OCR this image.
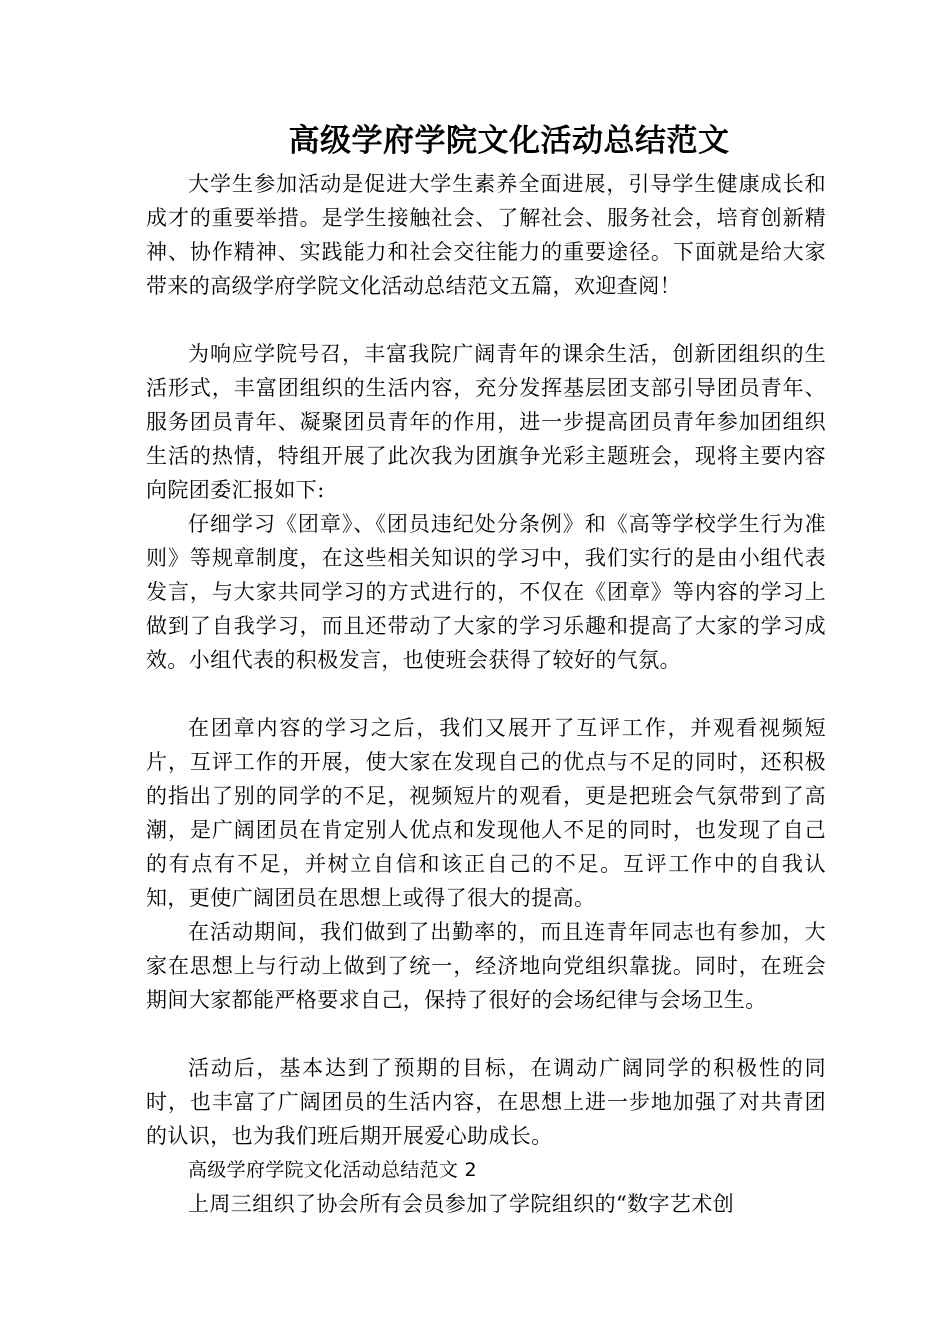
高级学府学院文化活动总结范文

大学生参加活动是促进大学生素养全面进展，引导学生健康成长和成才的重要举措。是学生接触社会、了解社会、服务社会，培育创新精神、协作精神、实践能力和社会交往能力的重要途径。下面就是给大家带来的高级学府学院文化活动总结范文五篇，欢迎查阅！

为响应学院号召，丰富我院广阔青年的课余生活，创新团组织的生活形式，丰富团组织的生活内容，充分发挥基层团支部引导团员青年、服务团员青年、凝聚团员青年的作用，进一步提高团员青年参加团组织生活的热情，特组开展了此次我为团旗争光彩主题班会，现将主要内容向院团委汇报如下:

仔细学习《团章》、《团员违纪处分条例》和《高等学校学生行为准则》等规章制度，在这些相关知识的学习中，我们实行的是由小组代表发言，与大家共同学习的方式进行的，不仅在《团章》等内容的学习上做到了自我学习，而且还带动了大家的学习乐趣和提高了大家的学习成效。小组代表的积极发言，也使班会获得了较好的气氛。

在团章内容的学习之后，我们又展开了互评工作，并观看视频短片，互评工作的开展，使大家在发现自己的优点与不足的同时，还积极的指出了别的同学的不足，视频短片的观看，更是把班会气氛带到了高潮，是广阔团员在肯定别人优点和发现他人不足的同时，也发现了自己的有点有不足，并树立自信和该正自己的不足。互评工作中的自我认知，更使广阔团员在思想上或得了很大的提高。

在活动期间，我们做到了出勤率的，而且连青年同志也有参加，大家在思想上与行动上做到了统一，经济地向党组织靠拢。同时，在班会期间大家都能严格要求自己，保持了很好的会场纪律与会场卫生。

活动后，基本达到了预期的目标，在调动广阔同学的积极性的同时，也丰富了广阔团员的生活内容，在思想上进一步地加强了对共青团的认识，也为我们班后期开展爱心助成长。

高级学府学院文化活动总结范文 2

上周三组织了协会所有会员参加了学院组织的“数字艺术创
